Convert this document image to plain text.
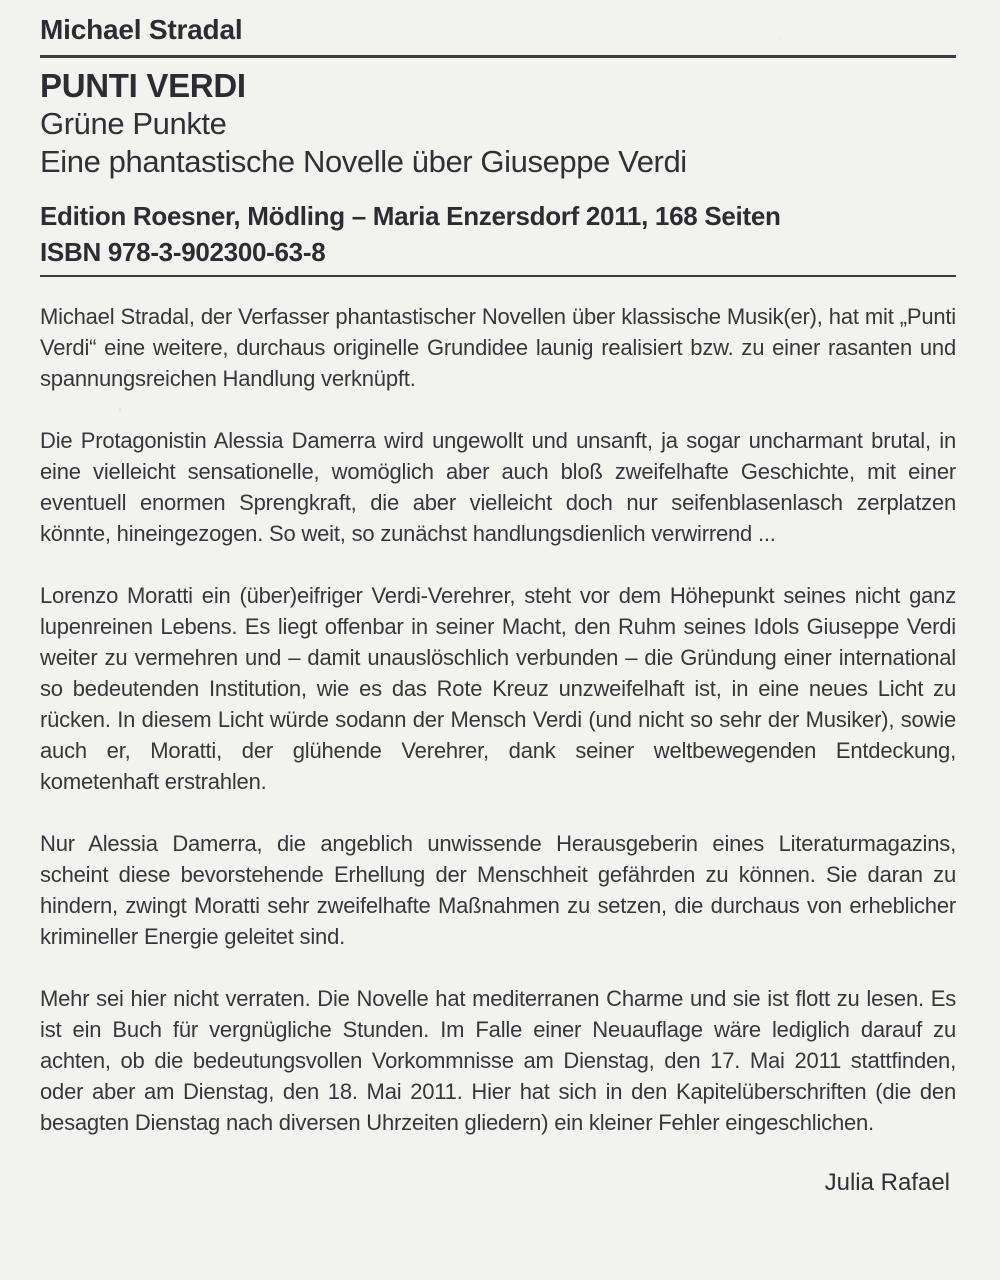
Michael Stradal
PUNTI VERDI
Grüne Punkte
Eine phantastische Novelle über Giuseppe Verdi
Edition Roesner, Mödling – Maria Enzersdorf 2011, 168 Seiten
ISBN 978-3-902300-63-8

Michael Stradal, der Verfasser phantastischer Novellen über klassische Musik(er), hat mit „Punti Verdi“ eine weitere, durchaus originelle Grundidee launig realisiert bzw. zu einer rasanten und spannungsreichen Handlung verknüpft.

Die Protagonistin Alessia Damerra wird ungewollt und unsanft, ja sogar uncharmant brutal, in eine vielleicht sensationelle, womöglich aber auch bloß zweifelhafte Geschichte, mit einer eventuell enormen Sprengkraft, die aber vielleicht doch nur seifenblasenlasch zerplatzen könnte, hineingezogen. So weit, so zunächst handlungsdienlich verwirrend ...

Lorenzo Moratti ein (über)eifriger Verdi-Verehrer, steht vor dem Höhepunkt seines nicht ganz lupenreinen Lebens. Es liegt offenbar in seiner Macht, den Ruhm seines Idols Giuseppe Verdi weiter zu vermehren und – damit unauslöschlich verbunden – die Gründung einer international so bedeutenden Institution, wie es das Rote Kreuz unzweifelhaft ist, in eine neues Licht zu rücken. In diesem Licht würde sodann der Mensch Verdi (und nicht so sehr der Musiker), sowie auch er, Moratti, der glühende Verehrer, dank seiner weltbewegenden Entdeckung, kometenhaft erstrahlen.

Nur Alessia Damerra, die angeblich unwissende Herausgeberin eines Literaturmagazins, scheint diese bevorstehende Erhellung der Menschheit gefährden zu können. Sie daran zu hindern, zwingt Moratti sehr zweifelhafte Maßnahmen zu setzen, die durchaus von erheblicher krimineller Energie geleitet sind.

Mehr sei hier nicht verraten. Die Novelle hat mediterranen Charme und sie ist flott zu lesen. Es ist ein Buch für vergnügliche Stunden. Im Falle einer Neuauflage wäre lediglich darauf zu achten, ob die bedeutungsvollen Vorkommnisse am Dienstag, den 17. Mai 2011 stattfinden, oder aber am Dienstag, den 18. Mai 2011. Hier hat sich in den Kapitelüberschriften (die den besagten Dienstag nach diversen Uhrzeiten gliedern) ein kleiner Fehler eingeschlichen.

Julia Rafael
